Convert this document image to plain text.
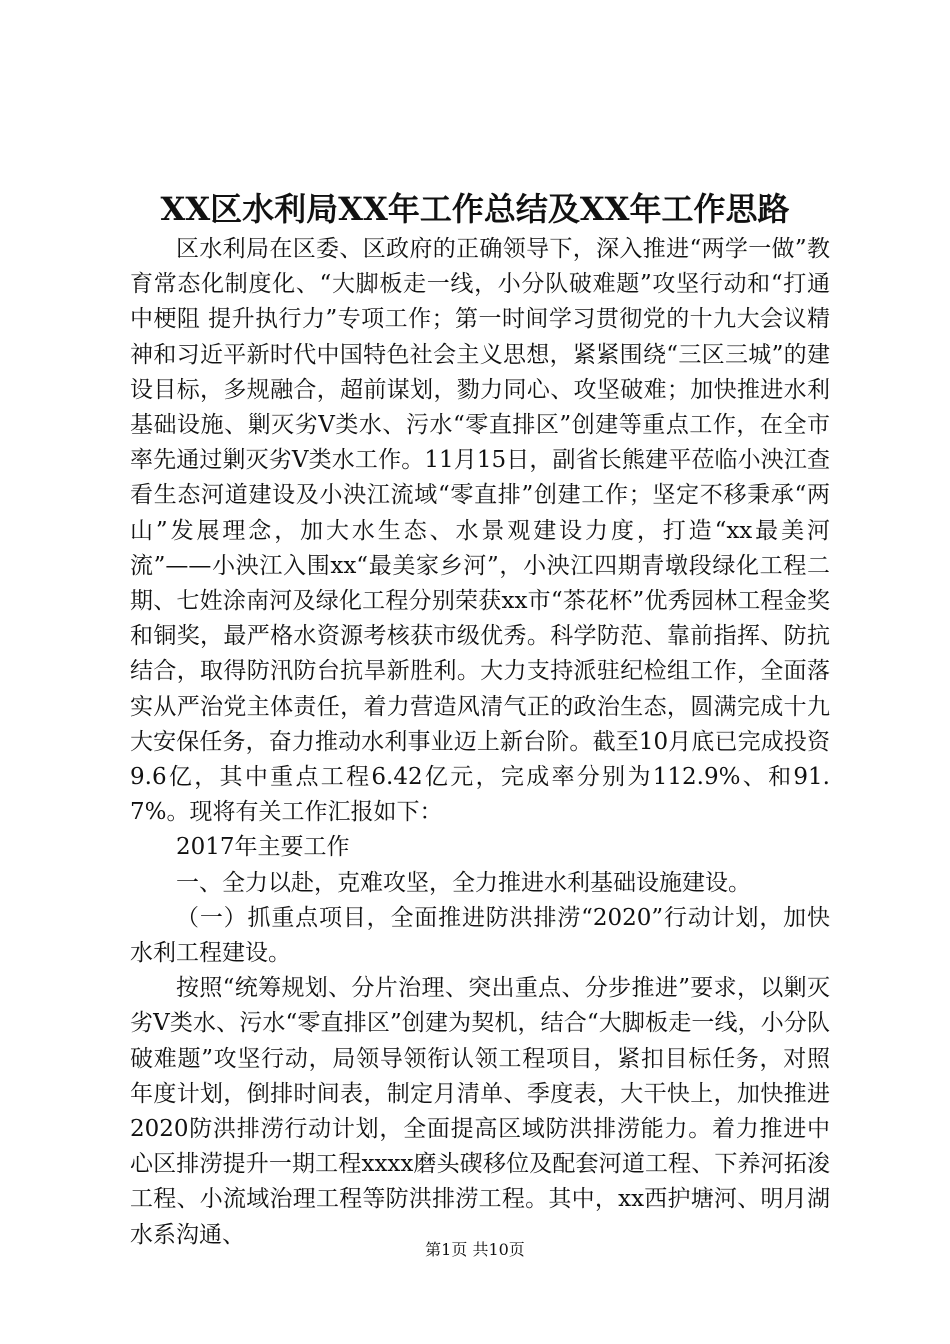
XX区水利局XX年工作总结及XX年工作思路

区水利局在区委、区政府的正确领导下，深入推进“两学一做”教育常态化制度化、“大脚板走一线，小分队破难题”攻坚行动和“打通中梗阻 提升执行力”专项工作；第一时间学习贯彻党的十九大会议精神和习近平新时代中国特色社会主义思想，紧紧围绕“三区三城”的建设目标，多规融合，超前谋划，勠力同心、攻坚破难；加快推进水利基础设施、剿灭劣Ⅴ类水、污水“零直排区”创建等重点工作，在全市率先通过剿灭劣Ⅴ类水工作。11月15日，副省长熊建平莅临小泱江查看生态河道建设及小泱江流域“零直排”创建工作；坚定不移秉承“两山”发展理念，加大水生态、水景观建设力度，打造“xx最美河流”——小泱江入围xx“最美家乡河”，小泱江四期青墩段绿化工程二期、七姓涂南河及绿化工程分别荣获xx市“茶花杯”优秀园林工程金奖和铜奖，最严格水资源考核获市级优秀。科学防范、靠前指挥、防抗结合，取得防汛防台抗旱新胜利。大力支持派驻纪检组工作，全面落实从严治党主体责任，着力营造风清气正的政治生态，圆满完成十九大安保任务，奋力推动水利事业迈上新台阶。截至10月底已完成投资9.6亿，其中重点工程6.42亿元，完成率分别为112.9%、和91.7%。现将有关工作汇报如下：

2017年主要工作

一、全力以赴，克难攻坚，全力推进水利基础设施建设。

（一）抓重点项目，全面推进防洪排涝“2020”行动计划，加快水利工程建设。

按照“统筹规划、分片治理、突出重点、分步推进”要求，以剿灭劣Ⅴ类水、污水“零直排区”创建为契机，结合“大脚板走一线，小分队破难题”攻坚行动，局领导领衔认领工程项目，紧扣目标任务，对照年度计划，倒排时间表，制定月清单、季度表，大干快上，加快推进2020防洪排涝行动计划，全面提高区域防洪排涝能力。着力推进中心区排涝提升一期工程xxxx磨头碶移位及配套河道工程、下养河拓浚工程、小流域治理工程等防洪排涝工程。其中，xx西护塘河、明月湖水系沟通、

第1页 共10页
